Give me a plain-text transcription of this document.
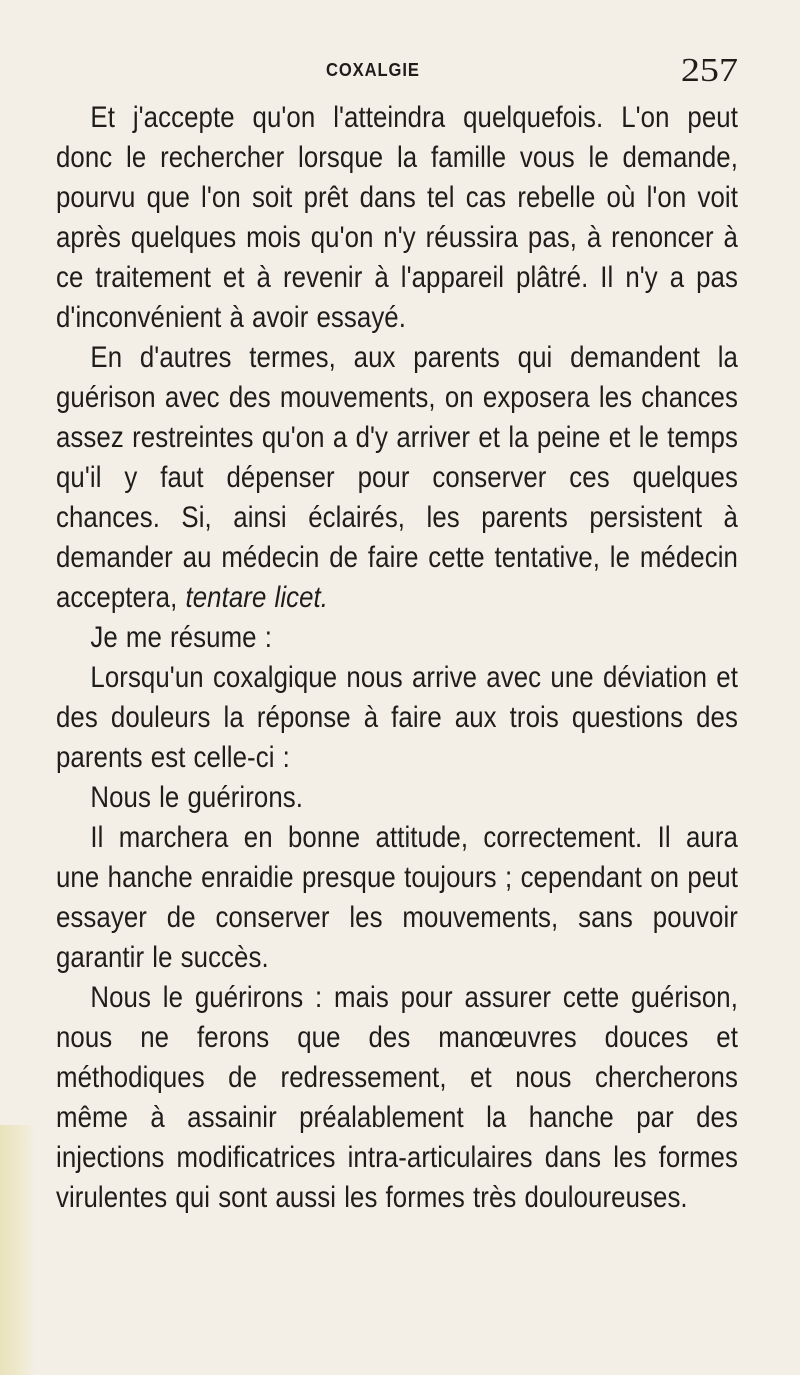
COXALGIE	257

Et j'accepte qu'on l'atteindra quelquefois. L'on peut donc le rechercher lorsque la famille vous le demande, pourvu que l'on soit prêt dans tel cas rebelle où l'on voit après quelques mois qu'on n'y réussira pas, à renoncer à ce traitement et à revenir à l'appareil plâtré. Il n'y a pas d'inconvénient à avoir essayé.

En d'autres termes, aux parents qui demandent la guérison avec des mouvements, on exposera les chances assez restreintes qu'on a d'y arriver et la peine et le temps qu'il y faut dépenser pour conserver ces quelques chances. Si, ainsi éclairés, les parents persistent à demander au médecin de faire cette tentative, le médecin acceptera, tentare licet.

Je me résume :

Lorsqu'un coxalgique nous arrive avec une déviation et des douleurs la réponse à faire aux trois questions des parents est celle-ci :

Nous le guérirons.

Il marchera en bonne attitude, correctement. Il aura une hanche enraidie presque toujours ; cependant on peut essayer de conserver les mouvements, sans pouvoir garantir le succès.

Nous le guérirons : mais pour assurer cette guérison, nous ne ferons que des manœuvres douces et méthodiques de redressement, et nous chercherons même à assainir préalablement la hanche par des injections modificatrices intra-articulaires dans les formes virulentes qui sont aussi les formes très douloureuses.
